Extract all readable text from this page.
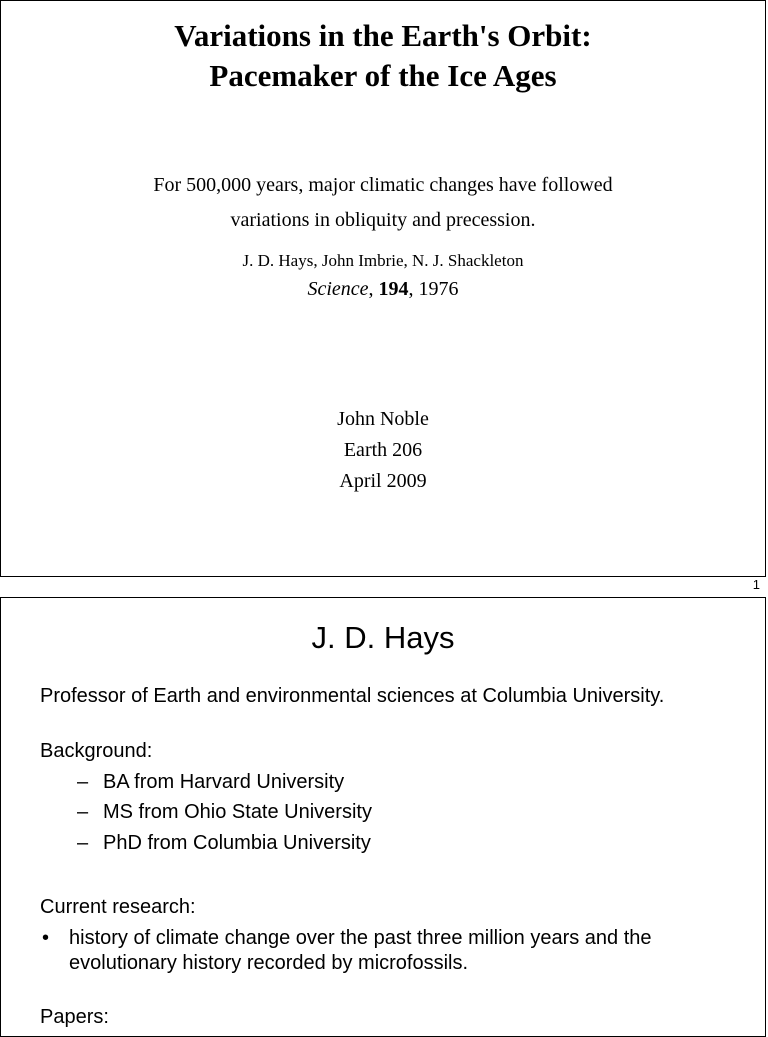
Variations in the Earth's Orbit:
Pacemaker of the Ice Ages
For 500,000 years, major climatic changes have followed
variations in obliquity and precession.
J. D. Hays, John Imbrie, N. J. Shackleton
Science, 194, 1976
John Noble
Earth 206
April 2009
1
J. D. Hays
Professor of Earth and environmental sciences at Columbia University.
Background:
– BA from Harvard University
– MS from Ohio State University
– PhD from Columbia University
Current research:
• history of climate change over the past three million years and the
evolutionary history recorded by microfossils.
Papers:
